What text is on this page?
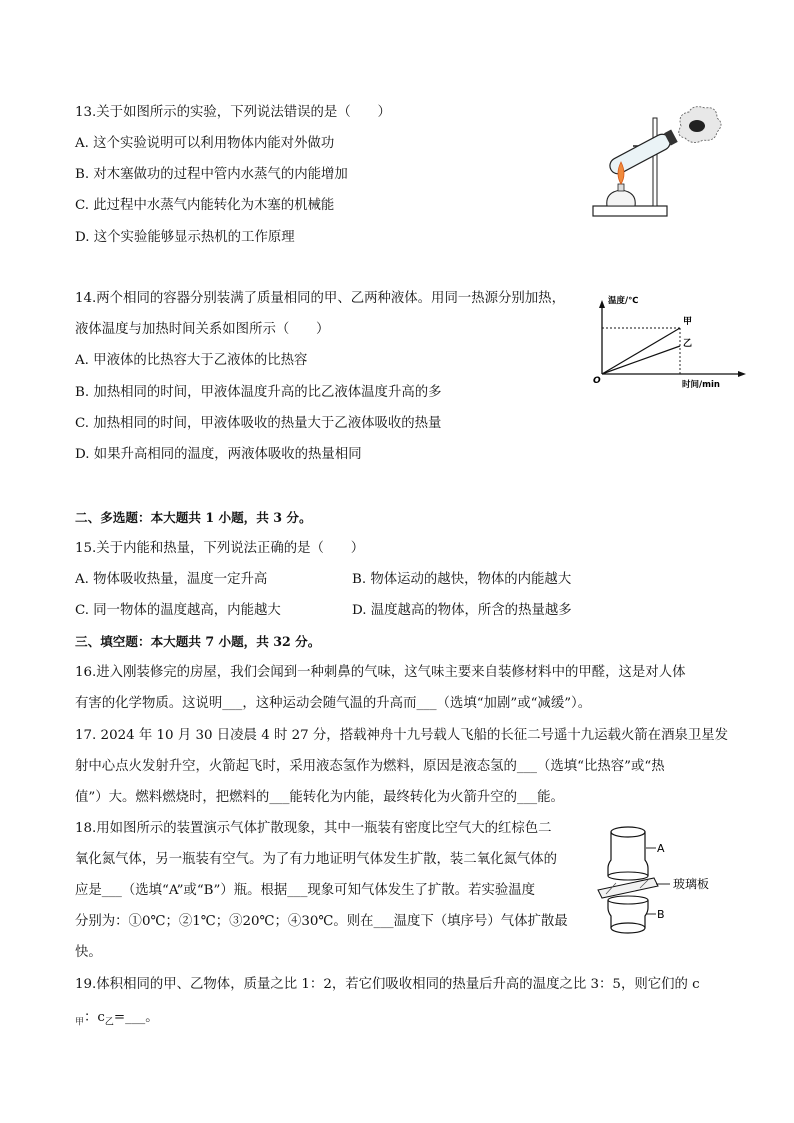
13.关于如图所示的实验，下列说法错误的是（　　）
A. 这个实验说明可以利用物体内能对外做功
B. 对木塞做功的过程中管内水蒸气的内能增加
C. 此过程中水蒸气内能转化为木塞的机械能
D. 这个实验能够显示热机的工作原理
14.两个相同的容器分别装满了质量相同的甲、乙两种液体。用同一热源分别加热，
液体温度与加热时间关系如图所示（　　）
A. 甲液体的比热容大于乙液体的比热容
B. 加热相同的时间，甲液体温度升高的比乙液体温度升高的多
C. 加热相同的时间，甲液体吸收的热量大于乙液体吸收的热量
D. 如果升高相同的温度，两液体吸收的热量相同
温度/℃
时间/min
O
甲
乙
二、多选题：本大题共 1 小题，共 3 分。
15.关于内能和热量，下列说法正确的是（　　）
A. 物体吸收热量，温度一定升高	B. 物体运动的越快，物体的内能越大
C. 同一物体的温度越高，内能越大	D. 温度越高的物体，所含的热量越多
三、填空题：本大题共 7 小题，共 32 分。
16.进入刚装修完的房屋，我们会闻到一种刺鼻的气味，这气味主要来自装修材料中的甲醛，这是对人体
有害的化学物质。这说明___，这种运动会随气温的升高而___（选填“加剧”或“减缓”）。
17. 2024 年 10 月 30 日凌晨 4 时 27 分，搭载神舟十九号载人飞船的长征二号遥十九运载火箭在酒泉卫星发
射中心点火发射升空，火箭起飞时，采用液态氢作为燃料，原因是液态氢的___（选填“比热容”或“热
值”）大。燃料燃烧时，把燃料的___能转化为内能，最终转化为火箭升空的___能。
18.用如图所示的装置演示气体扩散现象，其中一瓶装有密度比空气大的红棕色二
氧化氮气体，另一瓶装有空气。为了有力地证明气体发生扩散，装二氧化氮气体的
应是___（选填“A”或“B”）瓶。根据___现象可知气体发生了扩散。若实验温度
分别为：①0℃；②1℃；③20℃；④30℃。则在___温度下（填序号）气体扩散最
快。
A
玻璃板
B
19.体积相同的甲、乙物体，质量之比 1：2，若它们吸收相同的热量后升高的温度之比 3：5，则它们的 c
$_甲$：$c_乙=\_\_\_$。
